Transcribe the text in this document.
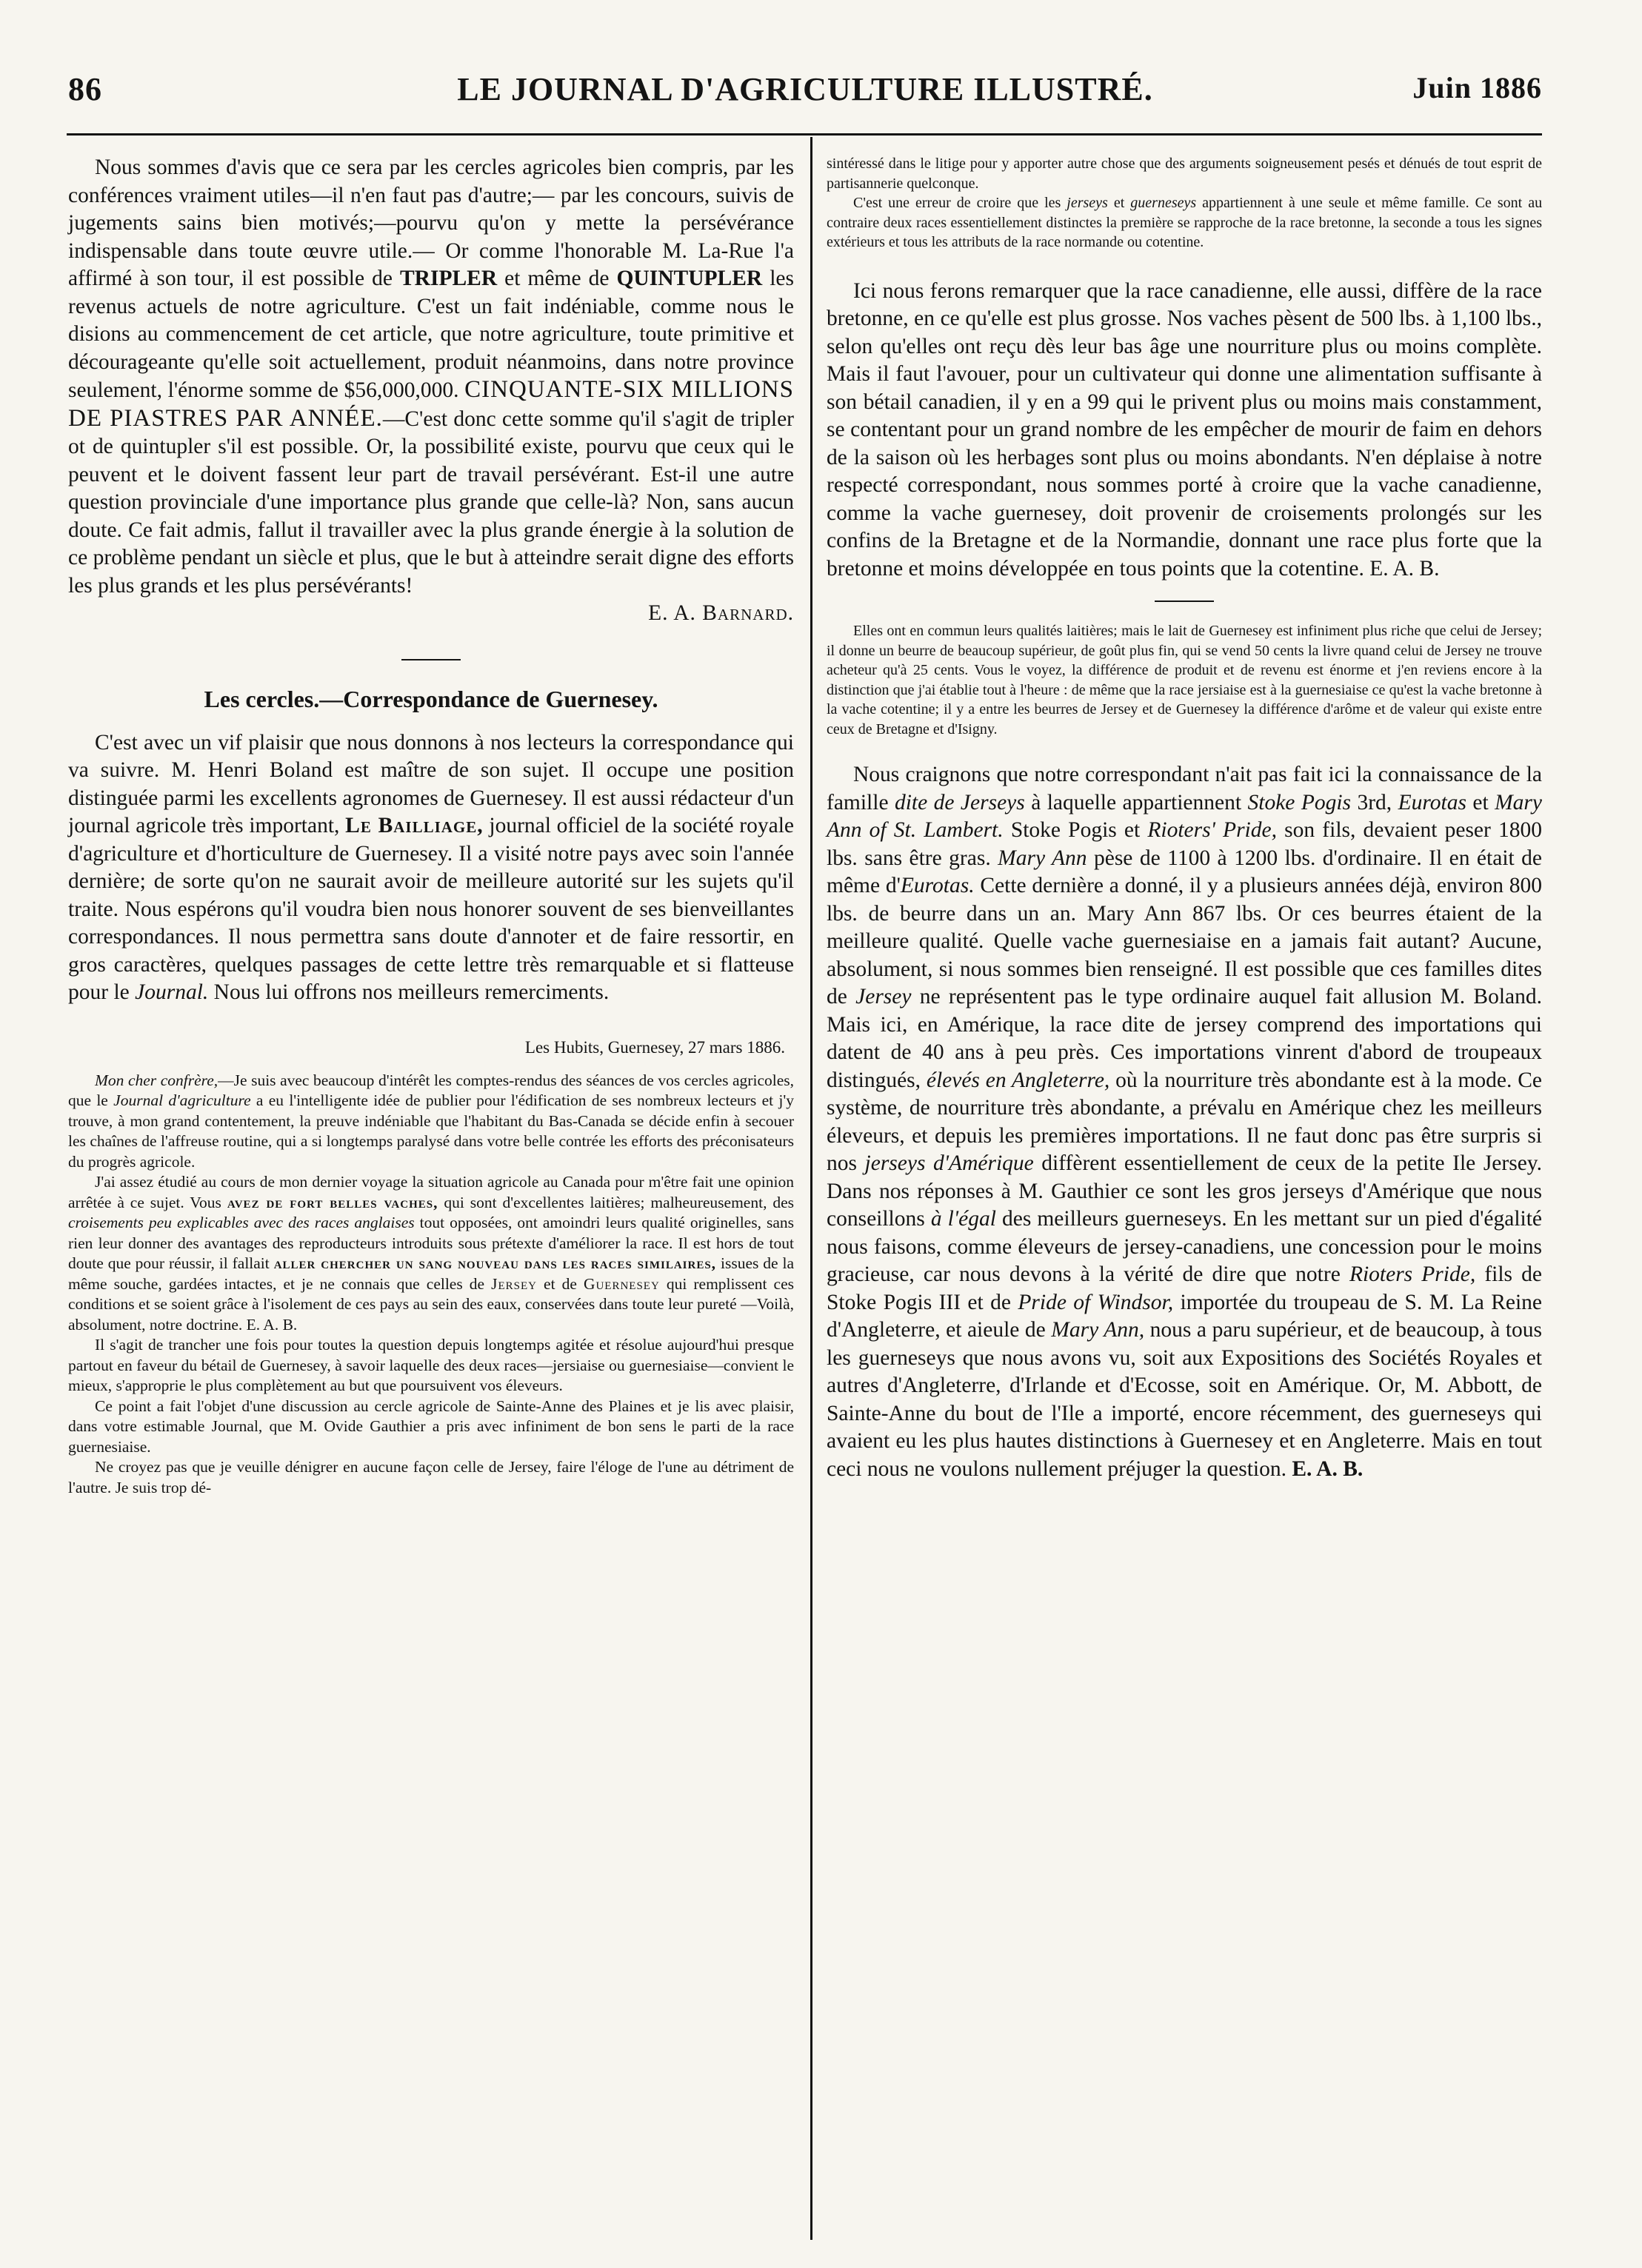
86	LE JOURNAL D'AGRICULTURE ILLUSTRÉ.	Juin 1886

Nous sommes d'avis que ce sera par les cercles agricoles bien compris, par les conférences vraiment utiles—il n'en faut pas d'autre;— par les concours, suivis de jugements sains bien motivés;—pourvu qu'on y mette la persévérance indispensable dans toute œuvre utile.— Or comme l'honorable M. La-Rue l'a affirmé à son tour, il est possible de TRIPLER et même de QUINTUPLER les revenus actuels de notre agriculture. C'est un fait indéniable, comme nous le disions au commencement de cet article, que notre agriculture, toute primitive et décourageante qu'elle soit actuellement, produit néanmoins, dans notre province seulement, l'énorme somme de $56,000,000. CINQUANTE-SIX MILLIONS DE PIASTRES PAR ANNÉE.—C'est donc cette somme qu'il s'agit de tripler ot de quintupler s'il est possible. Or, la possibilité existe, pourvu que ceux qui le peuvent et le doivent fassent leur part de travail persévérant. Est-il une autre question provinciale d'une importance plus grande que celle-là? Non, sans aucun doute. Ce fait admis, fallut il travailler avec la plus grande énergie à la solution de ce problème pendant un siècle et plus, que le but à atteindre serait digne des efforts les plus grands et les plus persévérants!

E. A. Barnard.

Les cercles.—Correspondance de Guernesey.

C'est avec un vif plaisir que nous donnons à nos lecteurs la correspondance qui va suivre. M. Henri Boland est maître de son sujet. Il occupe une position distinguée parmi les excellents agronomes de Guernesey. Il est aussi rédacteur d'un journal agricole très important, Le Bailliage, journal officiel de la société royale d'agriculture et d'horticulture de Guernesey. Il a visité notre pays avec soin l'année dernière; de sorte qu'on ne saurait avoir de meilleure autorité sur les sujets qu'il traite. Nous espérons qu'il voudra bien nous honorer souvent de ses bienveillantes correspondances. Il nous permettra sans doute d'annoter et de faire ressortir, en gros caractères, quelques passages de cette lettre très remarquable et si flatteuse pour le Journal. Nous lui offrons nos meilleurs remerciments.

Les Hubits, Guernesey, 27 mars 1886.

Mon cher confrère,—Je suis avec beaucoup d'intérêt les comptes-rendus des séances de vos cercles agricoles, que le Journal d'agriculture a eu l'intelligente idée de publier pour l'édification de ses nombreux lecteurs et j'y trouve, à mon grand contentement, la preuve indéniable que l'habitant du Bas-Canada se décide enfin à secouer les chaînes de l'affreuse routine, qui a si longtemps paralysé dans votre belle contrée les efforts des préconisateurs du progrès agricole.

J'ai assez étudié au cours de mon dernier voyage la situation agricole au Canada pour m'être fait une opinion arrêtée à ce sujet. Vous avez de fort belles vaches, qui sont d'excellentes laitières; malheureusement, des croisements peu explicables avec des races anglaises tout opposées, ont amoindri leurs qualité originelles, sans rien leur donner des avantages des reproducteurs introduits sous prétexte d'améliorer la race. Il est hors de tout doute que pour réussir, il fallait aller chercher un sang nouveau dans les races similaires, issues de la même souche, gardées intactes, et je ne connais que celles de Jersey et de Guernesey qui remplissent ces conditions et se soient grâce à l'isolement de ces pays au sein des eaux, conservées dans toute leur pureté —Voilà, absolument, notre doctrine. E. A. B.

Il s'agit de trancher une fois pour toutes la question depuis longtemps agitée et résolue aujourd'hui presque partout en faveur du bétail de Guernesey, à savoir laquelle des deux races—jersiaise ou guernesiaise—convient le mieux, s'approprie le plus complètement au but que poursuivent vos éleveurs.

Ce point a fait l'objet d'une discussion au cercle agricole de Sainte-Anne des Plaines et je lis avec plaisir, dans votre estimable Journal, que M. Ovide Gauthier a pris avec infiniment de bon sens le parti de la race guernesiaise.

Ne croyez pas que je veuille dénigrer en aucune façon celle de Jersey, faire l'éloge de l'une au détriment de l'autre. Je suis trop dé-

sintéressé dans le litige pour y apporter autre chose que des arguments soigneusement pesés et dénués de tout esprit de partisannerie quelconque.

C'est une erreur de croire que les jerseys et guerneseys appartiennent à une seule et même famille. Ce sont au contraire deux races essentiellement distinctes la première se rapproche de la race bretonne, la seconde a tous les signes extérieurs et tous les attributs de la race normande ou cotentine.

Ici nous ferons remarquer que la race canadienne, elle aussi, diffère de la race bretonne, en ce qu'elle est plus grosse. Nos vaches pèsent de 500 lbs. à 1,100 lbs., selon qu'elles ont reçu dès leur bas âge une nourriture plus ou moins complète. Mais il faut l'avouer, pour un cultivateur qui donne une alimentation suffisante à son bétail canadien, il y en a 99 qui le privent plus ou moins mais constamment, se contentant pour un grand nombre de les empêcher de mourir de faim en dehors de la saison où les herbages sont plus ou moins abondants. N'en déplaise à notre respecté correspondant, nous sommes porté à croire que la vache canadienne, comme la vache guernesey, doit provenir de croisements prolongés sur les confins de la Bretagne et de la Normandie, donnant une race plus forte que la bretonne et moins développée en tous points que la cotentine. E. A. B.

Elles ont en commun leurs qualités laitières; mais le lait de Guernesey est infiniment plus riche que celui de Jersey; il donne un beurre de beaucoup supérieur, de goût plus fin, qui se vend 50 cents la livre quand celui de Jersey ne trouve acheteur qu'à 25 cents. Vous le voyez, la différence de produit et de revenu est énorme et j'en reviens encore à la distinction que j'ai établie tout à l'heure : de même que la race jersiaise est à la guernesiaise ce qu'est la vache bretonne à la vache cotentine; il y a entre les beurres de Jersey et de Guernesey la différence d'arôme et de valeur qui existe entre ceux de Bretagne et d'Isigny.

Nous craignons que notre correspondant n'ait pas fait ici la connaissance de la famille dite de Jerseys à laquelle appartiennent Stoke Pogis 3rd, Eurotas et Mary Ann of St. Lambert. Stoke Pogis et Rioters' Pride, son fils, devaient peser 1800 lbs. sans être gras. Mary Ann pèse de 1100 à 1200 lbs. d'ordinaire. Il en était de même d'Eurotas. Cette dernière a donné, il y a plusieurs années déjà, environ 800 lbs. de beurre dans un an. Mary Ann 867 lbs. Or ces beurres étaient de la meilleure qualité. Quelle vache guernesiaise en a jamais fait autant? Aucune, absolument, si nous sommes bien renseigné. Il est possible que ces familles dites de Jersey ne représentent pas le type ordinaire auquel fait allusion M. Boland. Mais ici, en Amérique, la race dite de jersey comprend des importations qui datent de 40 ans à peu près. Ces importations vinrent d'abord de troupeaux distingués, élevés en Angleterre, où la nourriture très abondante est à la mode. Ce système, de nourriture très abondante, a prévalu en Amérique chez les meilleurs éleveurs, et depuis les premières importations. Il ne faut donc pas être surpris si nos jerseys d'Amérique diffèrent essentiellement de ceux de la petite Ile Jersey. Dans nos réponses à M. Gauthier ce sont les gros jerseys d'Amérique que nous conseillons à l'égal des meilleurs guerneseys. En les mettant sur un pied d'égalité nous faisons, comme éleveurs de jersey-canadiens, une concession pour le moins gracieuse, car nous devons à la vérité de dire que notre Rioters Pride, fils de Stoke Pogis III et de Pride of Windsor, importée du troupeau de S. M. La Reine d'Angleterre, et aieule de Mary Ann, nous a paru supérieur, et de beaucoup, à tous les guerneseys que nous avons vu, soit aux Expositions des Sociétés Royales et autres d'Angleterre, d'Irlande et d'Ecosse, soit en Amérique. Or, M. Abbott, de Sainte-Anne du bout de l'Ile a importé, encore récemment, des guerneseys qui avaient eu les plus hautes distinctions à Guernesey et en Angleterre. Mais en tout ceci nous ne voulons nullement préjuger la question. E. A. B.
